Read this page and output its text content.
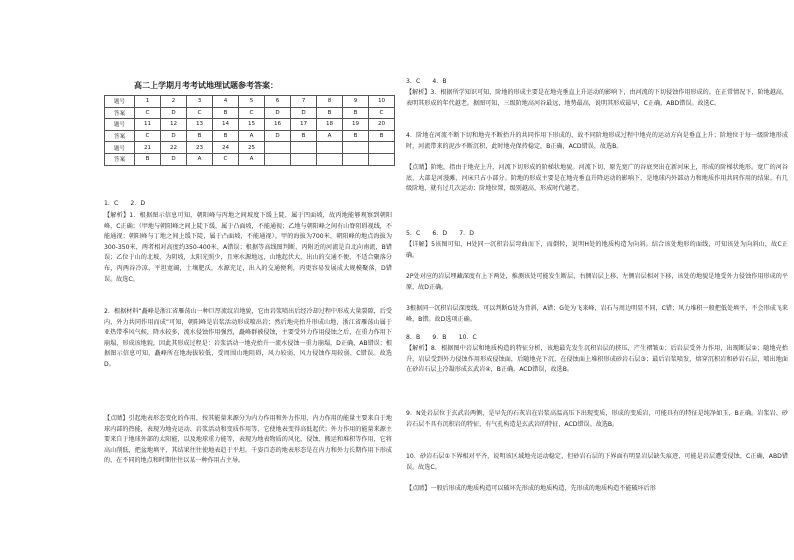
高二上学期月考考试地理试题参考答案：
题号	1	2	3	4	5	6	7	8	9	10
答案	C	D	C	B	C	D	D	B	B	C
题号	11	12	13	14	15	16	17	18	19	20
答案	C	D	B	B	A	D	B	A	B	B
题号	21	22	23	24	25					
答案	B	D	A	C	A					
1．C　　2．D
【解析】1．根据图示信息可知，朝阳峰与丙地之间坡度下缓上陡，属于凹面坡，故丙地能够观察到朝阳峰，C正确；（甲地与朝阳峰之间上陡下缓，属于凸面坡，不能通视；乙地与朝阳峰之间有山脊阻碍视线，不能通视；朝阳峰与丁地之间上缓下陡，属于凸面坡，不能通视）。甲的海拔为700米，朝阳峰的地点海拔为300-350米，两者相对高度约350-400米，A错误；根据等高线图判断，丙附近的河流是自北向南流，B错误；乙位于山的北坡，为阴坡，太阳光照少，且寒水源地远，山地起伏大，出山的交通不便，不适合聚落分布，丙两谷冷凉，平坦宽阔，土壤肥沃，水源充足，出入的交通便利，丙更容易发展成大规模聚落，D错误。故选C。
2．根据材料“矗峰是浙江省雁荡山一种巨厚流纹岩地貌，它由岩浆喷出后经冷却过程中形成大量裂隙，后受内、外力共同作用而成”可知，朝阳峰是岩浆活动形成喷出岩；然后地壳抬升形成山地，浙江省雁荡山属于亚热带季风气候，降水较多，流水侵蚀作用强烈，矗峰群被侵蚀，主要受外力作用侵蚀之后，在重力作用下崩塌，形成该地貌，因此其形成过程是：岩浆活动一地壳抬升一流水侵蚀一重力崩塌，D正确，AB错误；根据图示信息可知，矗峰所在地海拔较低，受周围山地阻碍，风力较弱，风力侵蚀作用较弱，C错误。故选D。
【点睛】引起地表形态变化的作用，按其能量来源分为内力作用和外力作用，内力作用的能量主要来自于地球内部的热能，表现为地壳运动、岩浆活动和变质作用等，它使地表变得高低起伏；外力作用的能量来源主要来自于地球外部的太阳能，以及地球重力能等，表现为地表物质的风化、侵蚀、搬运和堆积等作用，它将高山削低，把盆地填平，其结果往往使地表趋于平坦。千姿百态的地表形态是在内力和外力长期作用下形成的，在不同的地点和时期往往以某一种作用占主导。
3．C　　4．B
【解析】3．根据所学知识可知，阶地的形成主要是在地壳垂直上升运动的影响下，由河流的下切侵蚀作用形成的。在正常情况下，阶地越高，表明其形成的年代越老。据图可知，三级阶地高河谷最远，地势最高，说明其形成最早，C正确，ABD错误。故选C。
4．阶地在河流不断下切和地壳不断抬升的共同作用下形成的，故不同阶地形成过程中地壳的运动方向是垂直上升；阶地位于每一级阶地形成时，河流带来的泥沙不断沉积，此时地壳保持稳定，B正确，ACD错误，故选B。
【点睛】阶地，指由于地壳上升，河流下切形成的阶梯状地貌。河流下切，原先宽广的谷底突出在新河床上，形成的阶梯状地形。宽广的河谷底，大部是河漫滩，河床只占小部分。阶地的形成主要是在地壳垂直升降运动的影响下，是地球内外部动力和地质作用共同作用的结果。有几级阶地，就有过几次运动；阶地位置，级别越高，形成时代越老。
5．C　　6．D　　7．D
【详解】5该图可知，H处同一沉积岩层弯曲而下，而倒转，说明H处的地质构造为向斜。结合该处地形的面线，可知该处为向斜山，故C正确。
2P处对应的岩层埋藏深度有上下两处，推测该处可能发生断层，右侧岩层上移，左侧岩层相对下移，该处的地貌是地受外力侵蚀作用形成的平原，故D正确。
3根据同一沉积岩层深度线，可以判断G处为背斜，A错；G处为飞来峰，岩石与周边明显不同，C错；风力堆积一般把低处填平，不会形成飞来峰，B错。故D选项正确。
8．B　　9．B　　10．C
【解析】8．根据图中岩层和地质构造的特征分析，该地最先发生沉积岩层的挤压，产生褶皱①；后岩层受外力作用，出现断层②；随地壳抬升，岩层受到外力侵蚀作用形成侵蚀面，后随地壳下沉，在侵蚀面上堆积形成砂岩石层③；最后岩浆喷发，熔穿沉积岩和砂岩石层，喷出地面在砂岩石层上冷凝形成玄武岩④，B正确，ACD错误，故选B。
9．N处岩层位于玄武岩两侧，是早先的石灰岩在岩浆高温高压下出现变质，形成的变质岩，可能具有的特征是纯净如玉，B正确。岩浆岩、砂岩石层不具有沉积岩的特征，有气孔构造是玄武岩的特征，ACD错误。故选B。
10．砂岩石层①下界相对平齐，说明该区域地壳运动稳定，但砂岩石层的下界面有明显岩层缺失痕迹，可能是岩层遭受侵蚀，C正确，ABD错误。故选C。
【点睛】一般后形成的地质构造可以破坏先形成的地质构造，先形成的地质构造不能破坏后形
